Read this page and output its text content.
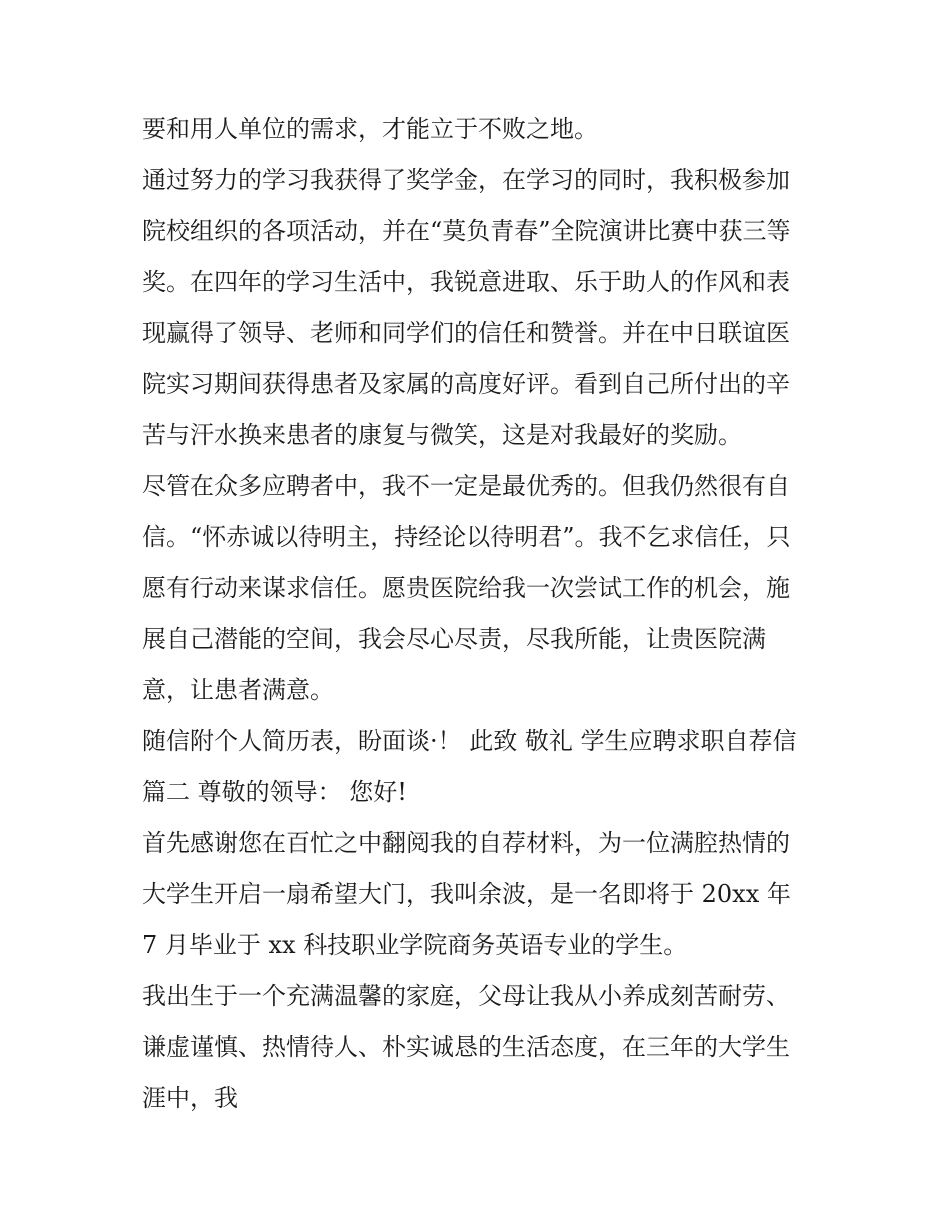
要和用人单位的需求，才能立于不败之地。
通过努力的学习我获得了奖学金，在学习的同时，我积极参加
院校组织的各项活动，并在“莫负青春”全院演讲比赛中获三等
奖。在四年的学习生活中，我锐意进取、乐于助人的作风和表
现赢得了领导、老师和同学们的信任和赞誉。并在中日联谊医
院实习期间获得患者及家属的高度好评。看到自己所付出的辛
苦与汗水换来患者的康复与微笑，这是对我最好的奖励。
尽管在众多应聘者中，我不一定是最优秀的。但我仍然很有自
信。“怀赤诚以待明主，持经论以待明君”。我不乞求信任，只
愿有行动来谋求信任。愿贵医院给我一次尝试工作的机会，施
展自己潜能的空间，我会尽心尽责，尽我所能，让贵医院满
意，让患者满意。
随信附个人简历表，盼面谈·！ 此致 敬礼 学生应聘求职自荐信
篇二 尊敬的领导： 您好!
首先感谢您在百忙之中翻阅我的自荐材料，为一位满腔热情的
大学生开启一扇希望大门，我叫余波，是一名即将于 20xx 年
7 月毕业于 xx 科技职业学院商务英语专业的学生。
我出生于一个充满温馨的家庭，父母让我从小养成刻苦耐劳、
谦虚谨慎、热情待人、朴实诚恳的生活态度，在三年的大学生
涯中，我
